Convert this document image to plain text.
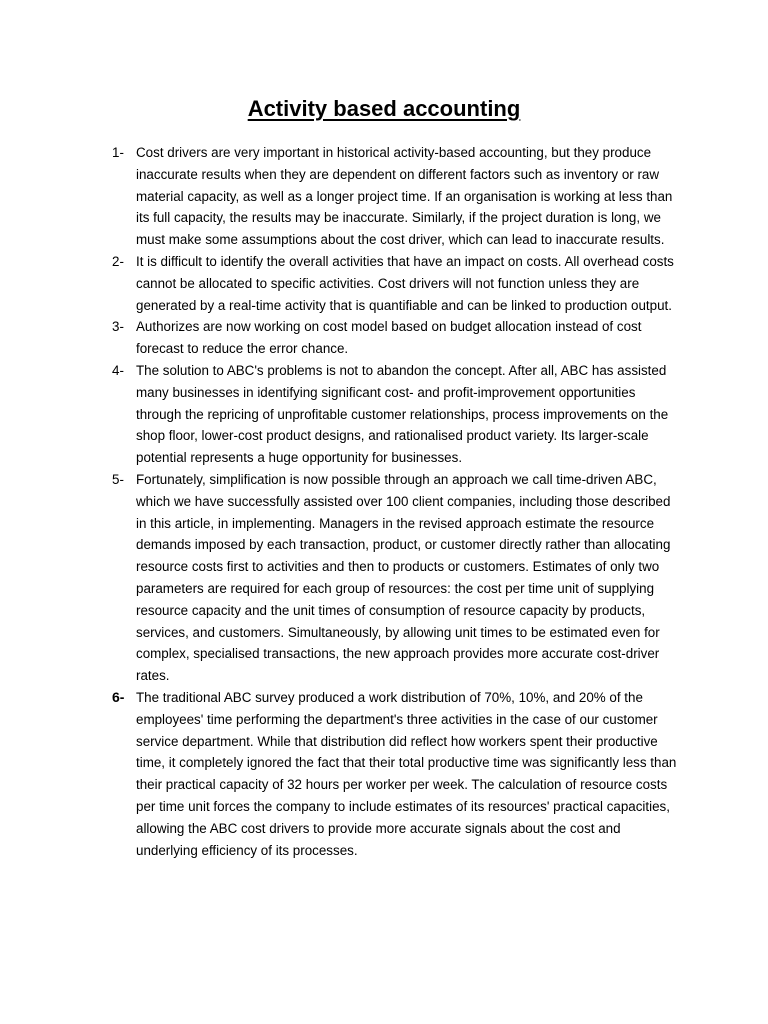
Activity based accounting
1- Cost drivers are very important in historical activity-based accounting, but they produce inaccurate results when they are dependent on different factors such as inventory or raw material capacity, as well as a longer project time. If an organisation is working at less than its full capacity, the results may be inaccurate. Similarly, if the project duration is long, we must make some assumptions about the cost driver, which can lead to inaccurate results.
2- It is difficult to identify the overall activities that have an impact on costs. All overhead costs cannot be allocated to specific activities. Cost drivers will not function unless they are generated by a real-time activity that is quantifiable and can be linked to production output.
3- Authorizes are now working on cost model based on budget allocation instead of cost forecast to reduce the error chance.
4- The solution to ABC's problems is not to abandon the concept. After all, ABC has assisted many businesses in identifying significant cost- and profit-improvement opportunities through the repricing of unprofitable customer relationships, process improvements on the shop floor, lower-cost product designs, and rationalised product variety. Its larger-scale potential represents a huge opportunity for businesses.
5- Fortunately, simplification is now possible through an approach we call time-driven ABC, which we have successfully assisted over 100 client companies, including those described in this article, in implementing. Managers in the revised approach estimate the resource demands imposed by each transaction, product, or customer directly rather than allocating resource costs first to activities and then to products or customers. Estimates of only two parameters are required for each group of resources: the cost per time unit of supplying resource capacity and the unit times of consumption of resource capacity by products, services, and customers. Simultaneously, by allowing unit times to be estimated even for complex, specialised transactions, the new approach provides more accurate cost-driver rates.
6- The traditional ABC survey produced a work distribution of 70%, 10%, and 20% of the employees' time performing the department's three activities in the case of our customer service department. While that distribution did reflect how workers spent their productive time, it completely ignored the fact that their total productive time was significantly less than their practical capacity of 32 hours per worker per week. The calculation of resource costs per time unit forces the company to include estimates of its resources' practical capacities, allowing the ABC cost drivers to provide more accurate signals about the cost and underlying efficiency of its processes.
